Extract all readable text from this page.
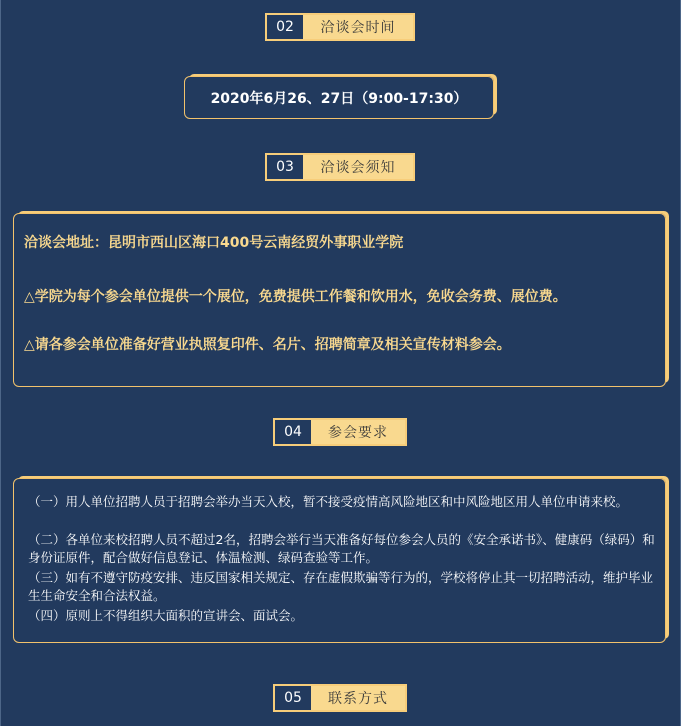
02	洽谈会时间
2020年6月26、27日（9:00-17:30）
03	洽谈会须知
洽谈会地址：昆明市西山区海口400号云南经贸外事职业学院
△学院为每个参会单位提供一个展位，免费提供工作餐和饮用水，免收会务费、展位费。
△请各参会单位准备好营业执照复印件、名片、招聘简章及相关宣传材料参会。
04	参会要求
（一）用人单位招聘人员于招聘会举办当天入校，暂不接受疫情高风险地区和中风险地区用人单位申请来校。
（二）各单位来校招聘人员不超过2名，招聘会举行当天准备好每位参会人员的《安全承诺书》、健康码（绿码）和身份证原件，配合做好信息登记、体温检测、绿码查验等工作。
（三）如有不遵守防疫安排、违反国家相关规定、存在虚假欺骗等行为的，学校将停止其一切招聘活动，维护毕业生生命安全和合法权益。
（四）原则上不得组织大面积的宣讲会、面试会。
05	联系方式
